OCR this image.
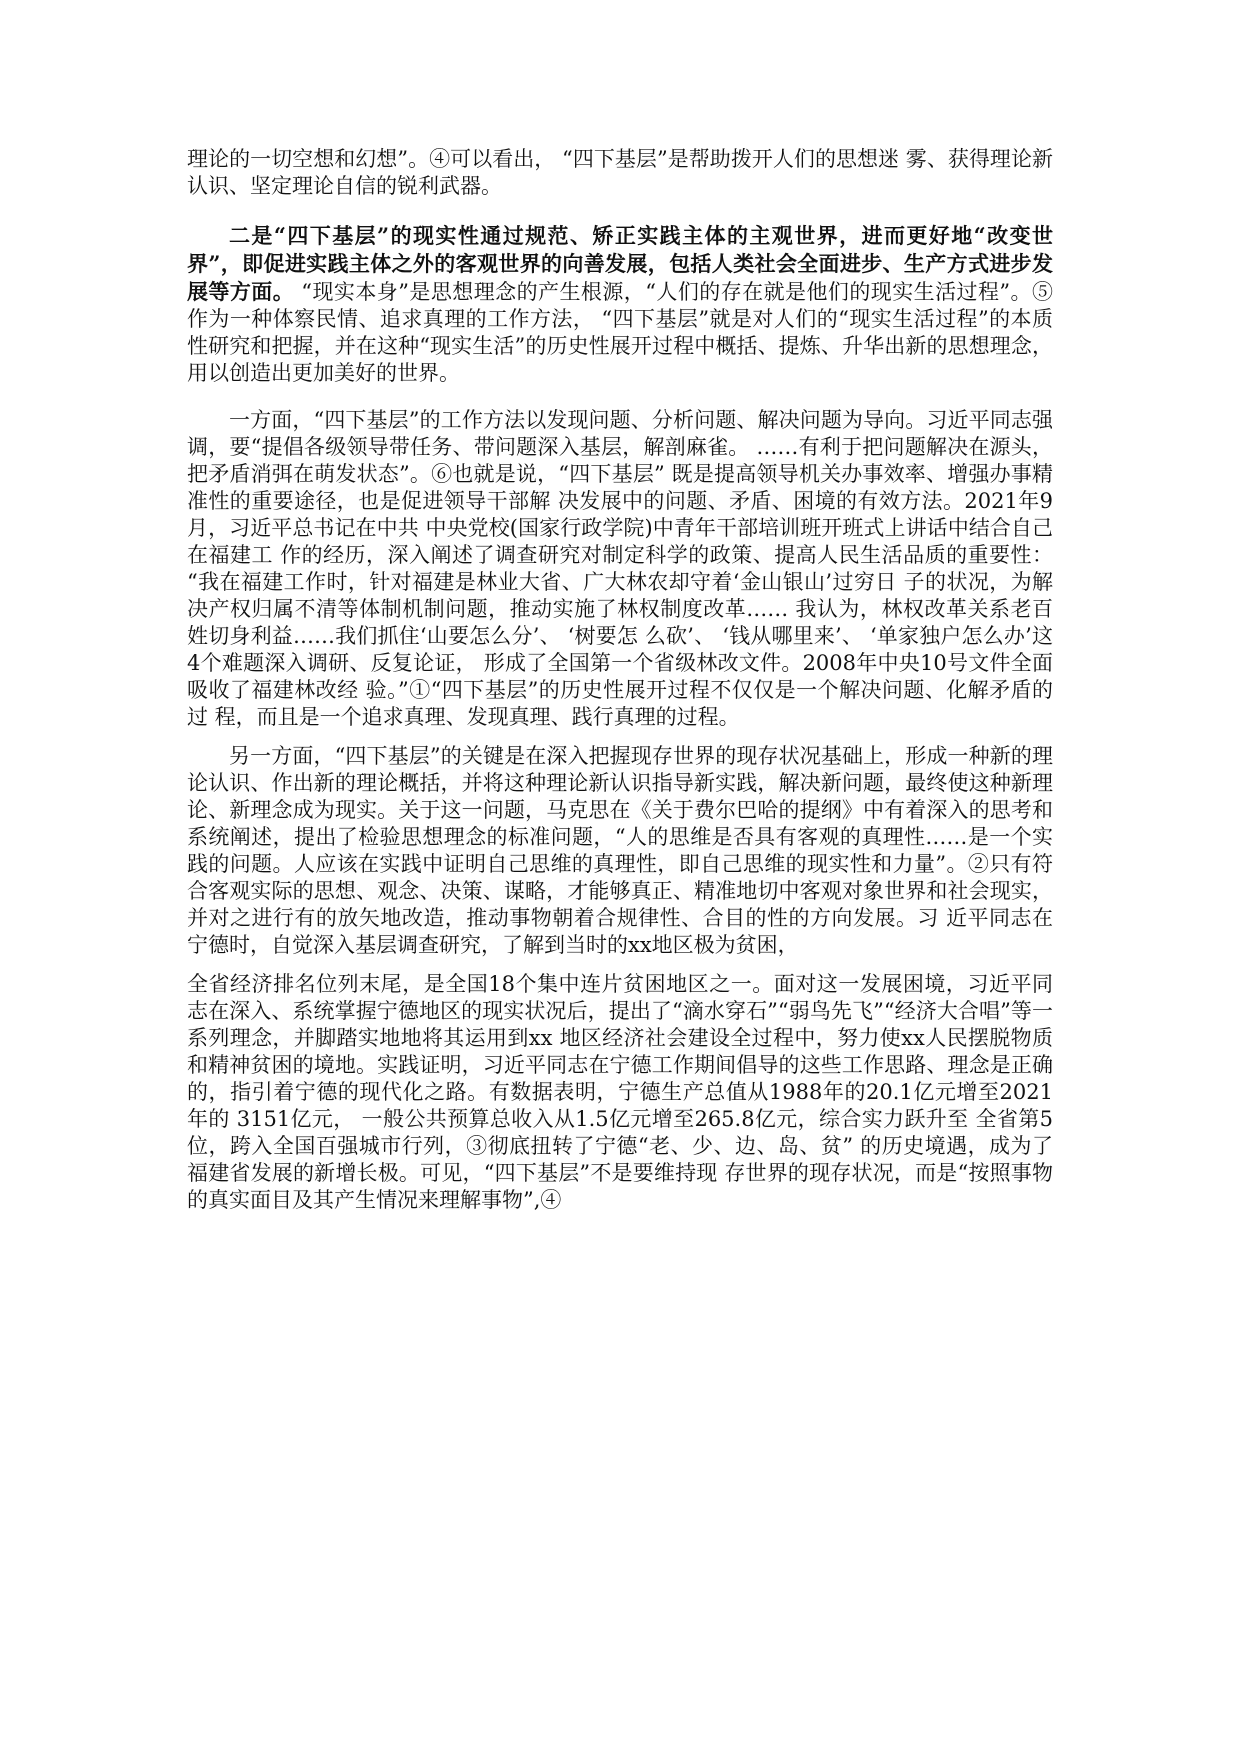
理论的一切空想和幻想”。④可以看出， “四下基层”是帮助拨开人们的思想迷 雾、获得理论新认识、坚定理论自信的锐利武器。

二是“四下基层”的现实性通过规范、矫正实践主体的主观世界，进而更好地“改变世界”，即促进实践主体之外的客观世界的向善发展，包括人类社会全面进步、生产方式进步发展等方面。 “现实本身”是思想理念的产生根源，“人们的存在就是他们的现实生活过程”。⑤作为一种体察民情、追求真理的工作方法， “四下基层”就是对人们的“现实生活过程”的本质性研究和把握，并在这种“现实生活”的历史性展开过程中概括、提炼、升华出新的思想理念，用以创造出更加美好的世界。

一方面，“四下基层”的工作方法以发现问题、分析问题、解决问题为导向。习近平同志强调，要“提倡各级领导带任务、带问题深入基层，解剖麻雀。 ……有利于把问题解决在源头，把矛盾消弭在萌发状态”。⑥也就是说，“四下基层” 既是提高领导机关办事效率、增强办事精准性的重要途径，也是促进领导干部解 决发展中的问题、矛盾、困境的有效方法。2021年9月，习近平总书记在中共 中央党校(国家行政学院)中青年干部培训班开班式上讲话中结合自己在福建工 作的经历，深入阐述了调查研究对制定科学的政策、提高人民生活品质的重要性： “我在福建工作时，针对福建是林业大省、广大林农却守着‘金山银山’过穷日 子的状况，为解决产权归属不清等体制机制问题，推动实施了林权制度改革…… 我认为，林权改革关系老百姓切身利益……我们抓住‘山要怎么分’、 ‘树要怎 么砍’、 ‘钱从哪里来’、 ‘单家独户怎么办’这4个难题深入调研、反复论证， 形成了全国第一个省级林改文件。2008年中央10号文件全面吸收了福建林改经 验。”①“四下基层”的历史性展开过程不仅仅是一个解决问题、化解矛盾的过 程，而且是一个追求真理、发现真理、践行真理的过程。

另一方面，“四下基层”的关键是在深入把握现存世界的现存状况基础上，形成一种新的理论认识、作出新的理论概括，并将这种理论新认识指导新实践，解决新问题，最终使这种新理论、新理念成为现实。关于这一问题，马克思在《关于费尔巴哈的提纲》中有着深入的思考和系统阐述，提出了检验思想理念的标准问题，“人的思维是否具有客观的真理性……是一个实践的问题。人应该在实践中证明自己思维的真理性，即自己思维的现实性和力量”。②只有符合客观实际的思想、观念、决策、谋略，才能够真正、精准地切中客观对象世界和社会现实，并对之进行有的放矢地改造，推动事物朝着合规律性、合目的性的方向发展。习 近平同志在宁德时，自觉深入基层调查研究，了解到当时的xx地区极为贫困，

全省经济排名位列末尾，是全国18个集中连片贫困地区之一。面对这一发展困境，习近平同志在深入、系统掌握宁德地区的现实状况后，提出了“滴水穿石”“弱鸟先飞”“经济大合唱”等一系列理念，并脚踏实地地将其运用到xx 地区经济社会建设全过程中，努力使xx人民摆脱物质和精神贫困的境地。实践证明，习近平同志在宁德工作期间倡导的这些工作思路、理念是正确的，指引着宁德的现代化之路。有数据表明，宁德生产总值从1988年的20.1亿元增至2021年的 3151亿元， 一般公共预算总收入从1.5亿元增至265.8亿元，综合实力跃升至 全省第5位，跨入全国百强城市行列，③彻底扭转了宁德“老、少、边、岛、贫” 的历史境遇，成为了福建省发展的新增长极。可见，“四下基层”不是要维持现 存世界的现存状况，而是“按照事物的真实面目及其产生情况来理解事物”,④
